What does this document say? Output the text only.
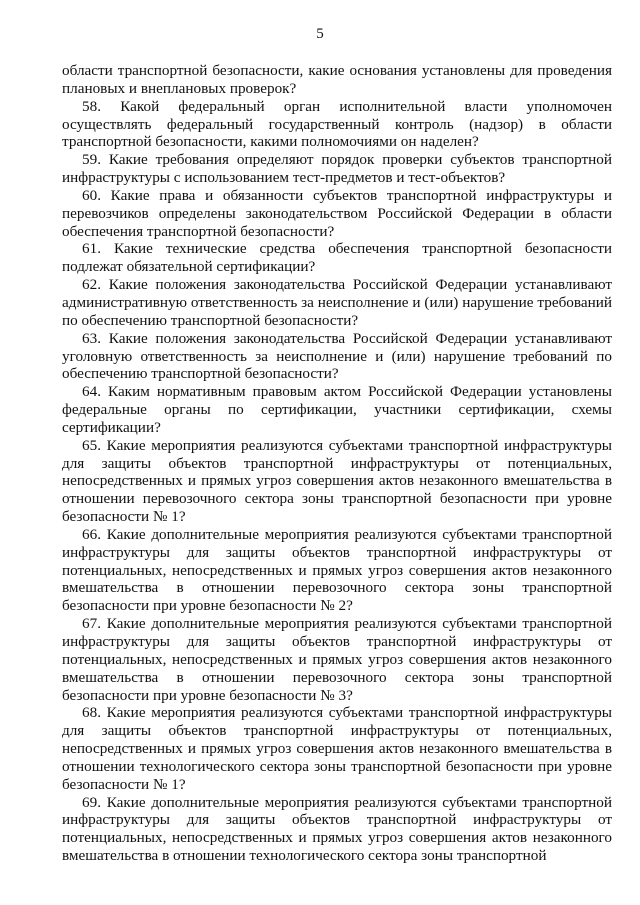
5

области транспортной безопасности, какие основания установлены для проведения плановых и внеплановых проверок?

58. Какой федеральный орган исполнительной власти уполномочен осуществлять федеральный государственный контроль (надзор) в области транспортной безопасности, какими полномочиями он наделен?

59. Какие требования определяют порядок проверки субъектов транспортной инфраструктуры с использованием тест-предметов и тест-объектов?

60. Какие права и обязанности субъектов транспортной инфраструктуры и перевозчиков определены законодательством Российской Федерации в области обеспечения транспортной безопасности?

61. Какие технические средства обеспечения транспортной безопасности подлежат обязательной сертификации?

62. Какие положения законодательства Российской Федерации устанавливают административную ответственность за неисполнение и (или) нарушение требований по обеспечению транспортной безопасности?

63. Какие положения законодательства Российской Федерации устанавливают уголовную ответственность за неисполнение и (или) нарушение требований по обеспечению транспортной безопасности?

64. Каким нормативным правовым актом Российской Федерации установлены федеральные органы по сертификации, участники сертификации, схемы сертификации?

65. Какие мероприятия реализуются субъектами транспортной инфраструктуры для защиты объектов транспортной инфраструктуры от потенциальных, непосредственных и прямых угроз совершения актов незаконного вмешательства в отношении перевозочного сектора зоны транспортной безопасности при уровне безопасности № 1?

66. Какие дополнительные мероприятия реализуются субъектами транспортной инфраструктуры для защиты объектов транспортной инфраструктуры от потенциальных, непосредственных и прямых угроз совершения актов незаконного вмешательства в отношении перевозочного сектора зоны транспортной безопасности при уровне безопасности № 2?

67. Какие дополнительные мероприятия реализуются субъектами транспортной инфраструктуры для защиты объектов транспортной инфраструктуры от потенциальных, непосредственных и прямых угроз совершения актов незаконного вмешательства в отношении перевозочного сектора зоны транспортной безопасности при уровне безопасности № 3?

68. Какие мероприятия реализуются субъектами транспортной инфраструктуры для защиты объектов транспортной инфраструктуры от потенциальных, непосредственных и прямых угроз совершения актов незаконного вмешательства в отношении технологического сектора зоны транспортной безопасности при уровне безопасности № 1?

69. Какие дополнительные мероприятия реализуются субъектами транспортной инфраструктуры для защиты объектов транспортной инфраструктуры от потенциальных, непосредственных и прямых угроз совершения актов незаконного вмешательства в отношении технологического сектора зоны транспортной
